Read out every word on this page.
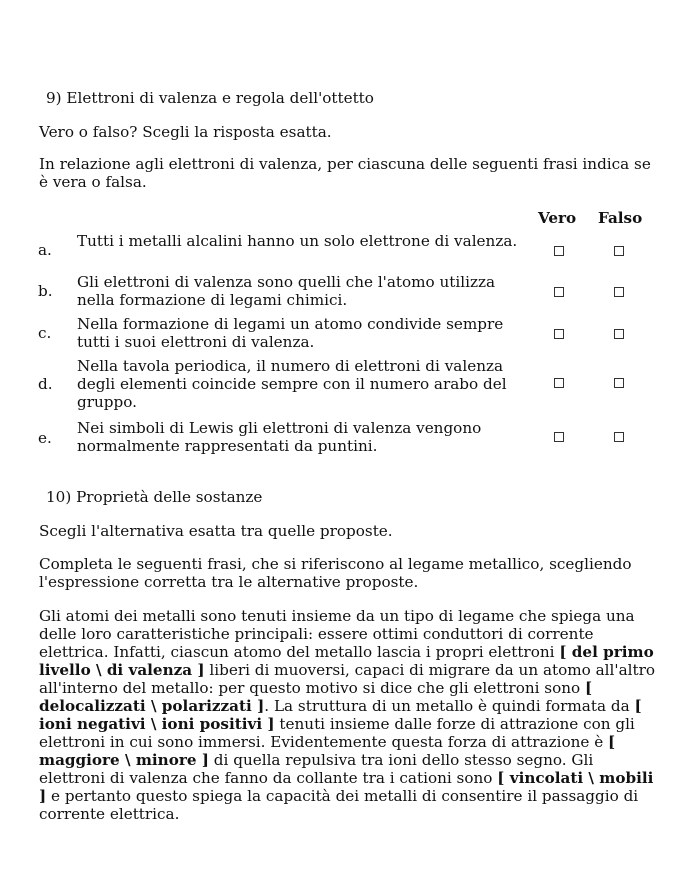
9) Elettroni di valenza e regola dell'ottetto
Vero o falso? Scegli la risposta esatta.
In relazione agli elettroni di valenza, per ciascuna delle seguenti frasi indica se è vera o falsa.
Vero Falso
a. Tutti i metalli alcalini hanno un solo elettrone di valenza.
b. Gli elettroni di valenza sono quelli che l'atomo utilizza nella formazione di legami chimici.
c. Nella formazione di legami un atomo condivide sempre tutti i suoi elettroni di valenza.
d.
Nella tavola periodica, il numero di elettroni di valenza degli elementi coincide sempre con il numero arabo del gruppo.
e.
Nei simboli di Lewis gli elettroni di valenza vengono normalmente rappresentati da puntini.
10) Proprietà delle sostanze
Scegli l'alternativa esatta tra quelle proposte.
Completa le seguenti frasi, che si riferiscono al legame metallico, scegliendo l'espressione corretta tra le alternative proposte.
Gli atomi dei metalli sono tenuti insieme da un tipo di legame che spiega una delle loro caratteristiche principali: essere ottimi conduttori di corrente elettrica. Infatti, ciascun atomo del metallo lascia i propri elettroni [ del primo livello \ di valenza ] liberi di muoversi, capaci di migrare da un atomo all'altro all'interno del metallo: per questo motivo si dice che gli elettroni sono [ delocalizzati \ polarizzati ]. La struttura di un metallo è quindi formata da [ ioni negativi \ ioni positivi ] tenuti insieme dalle forze di attrazione con gli elettroni in cui sono immersi. Evidentemente questa forza di attrazione è [ maggiore \ minore ] di quella repulsiva tra ioni dello stesso segno. Gli elettroni di valenza che fanno da collante tra i cationi sono [ vincolati \ mobili ] e pertanto questo spiega la capacità dei metalli di consentire il passaggio di corrente elettrica.
